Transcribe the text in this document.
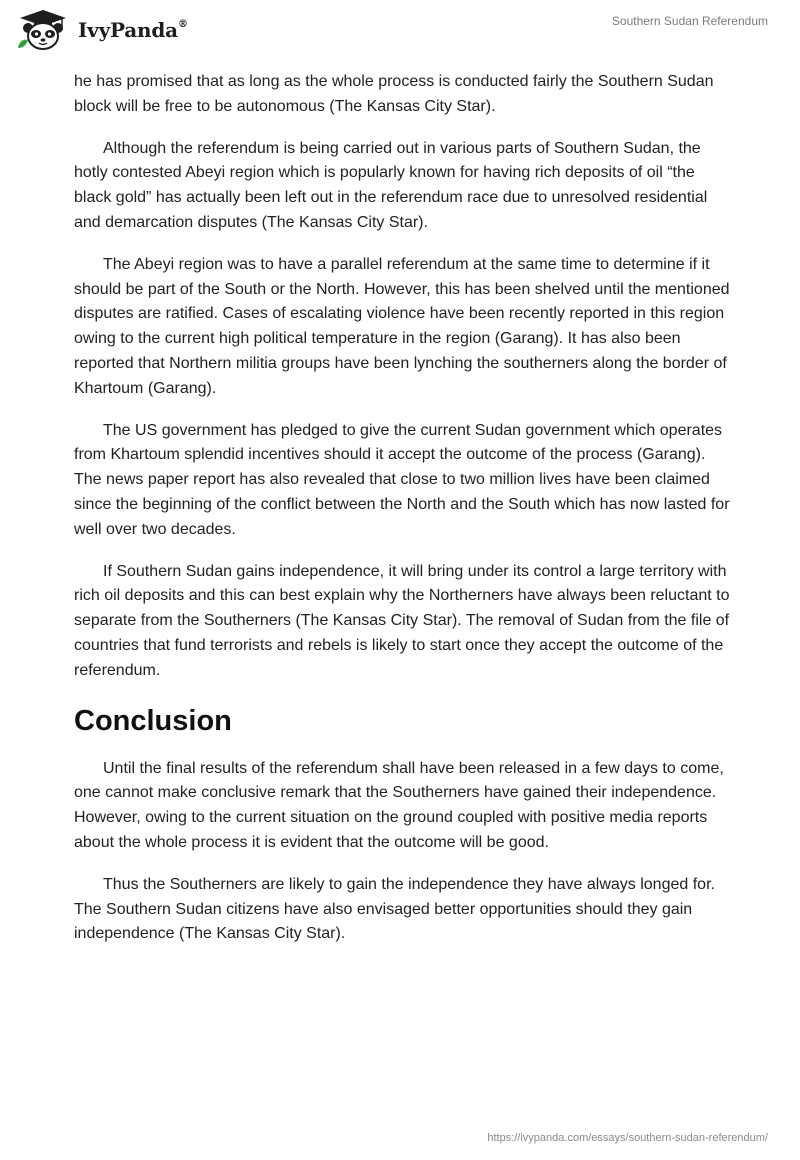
IvyPanda®	Southern Sudan Referendum

he has promised that as long as the whole process is conducted fairly the Southern Sudan block will be free to be autonomous (The Kansas City Star).

Although the referendum is being carried out in various parts of Southern Sudan, the hotly contested Abeyi region which is popularly known for having rich deposits of oil “the black gold” has actually been left out in the referendum race due to unresolved residential and demarcation disputes (The Kansas City Star).

The Abeyi region was to have a parallel referendum at the same time to determine if it should be part of the South or the North. However, this has been shelved until the mentioned disputes are ratified. Cases of escalating violence have been recently reported in this region owing to the current high political temperature in the region (Garang). It has also been reported that Northern militia groups have been lynching the southerners along the border of Khartoum (Garang).

The US government has pledged to give the current Sudan government which operates from Khartoum splendid incentives should it accept the outcome of the process (Garang). The news paper report has also revealed that close to two million lives have been claimed since the beginning of the conflict between the North and the South which has now lasted for well over two decades.

If Southern Sudan gains independence, it will bring under its control a large territory with rich oil deposits and this can best explain why the Northerners have always been reluctant to separate from the Southerners (The Kansas City Star). The removal of Sudan from the file of countries that fund terrorists and rebels is likely to start once they accept the outcome of the referendum.

Conclusion

Until the final results of the referendum shall have been released in a few days to come, one cannot make conclusive remark that the Southerners have gained their independence. However, owing to the current situation on the ground coupled with positive media reports about the whole process it is evident that the outcome will be good.

Thus the Southerners are likely to gain the independence they have always longed for. The Southern Sudan citizens have also envisaged better opportunities should they gain independence (The Kansas City Star).

https://ivypanda.com/essays/southern-sudan-referendum/
